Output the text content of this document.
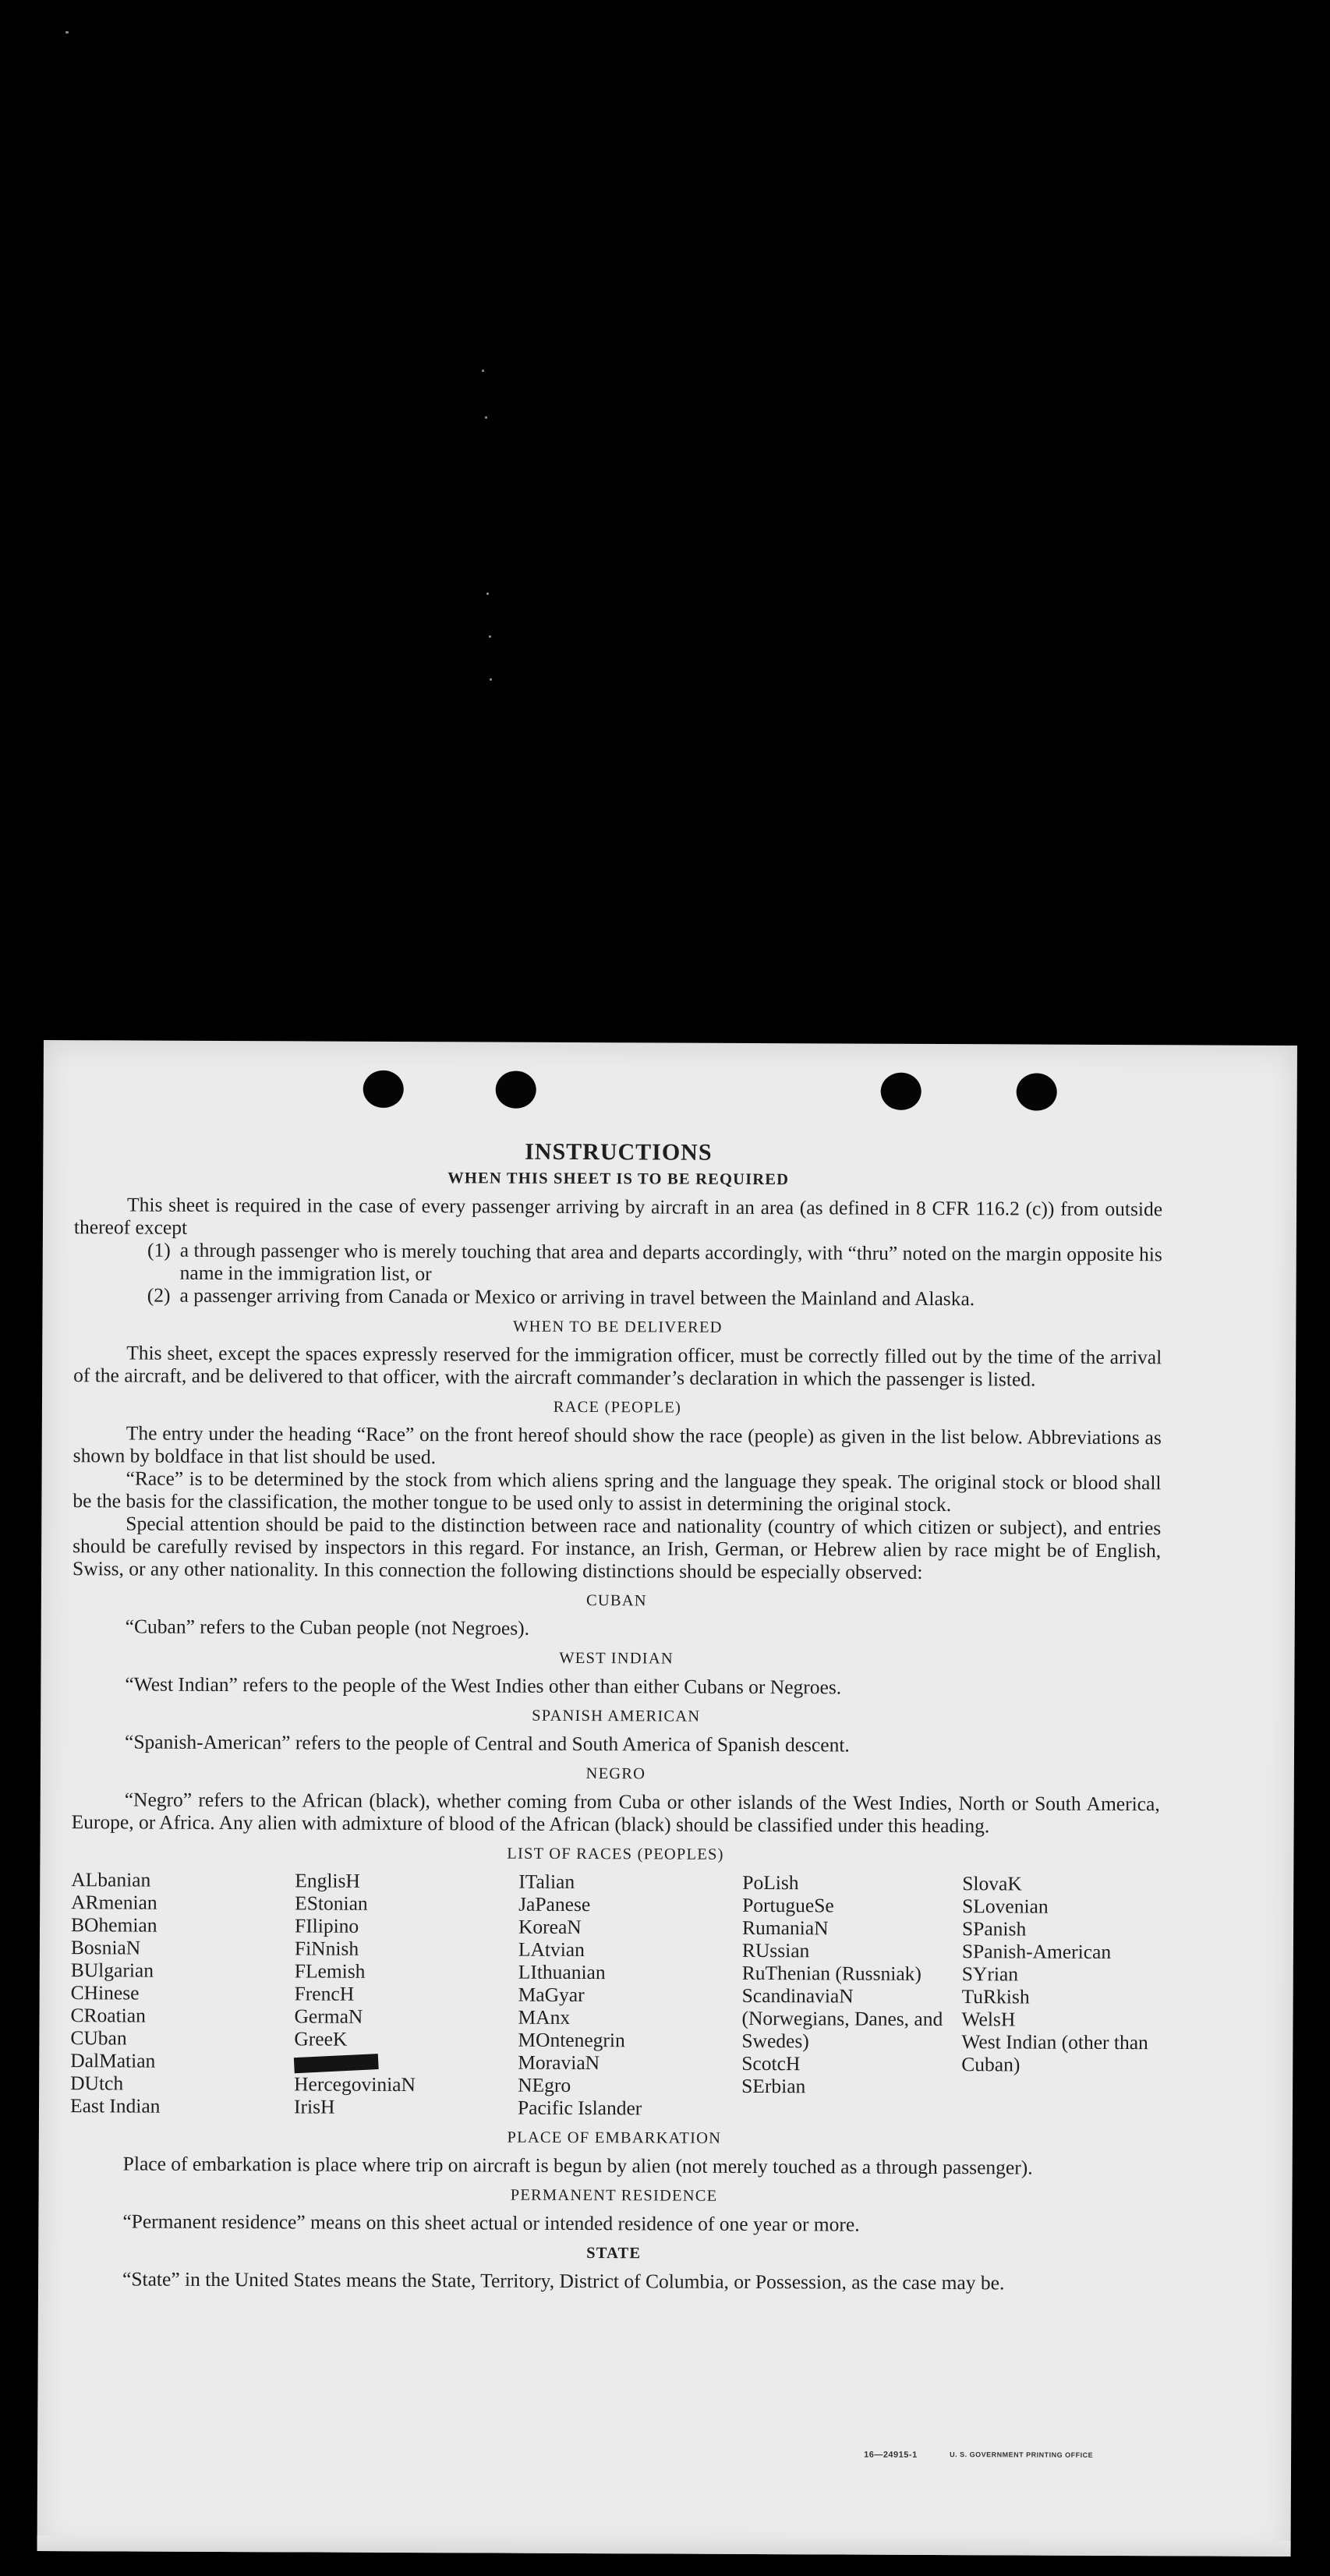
INSTRUCTIONS
WHEN THIS SHEET IS TO BE REQUIRED

This sheet is required in the case of every passenger arriving by aircraft in an area (as defined in 8 CFR 116.2 (c)) from outside thereof except

(1) a through passenger who is merely touching that area and departs accordingly, with “thru” noted on the margin opposite his name in the immigration list, or
(2) a passenger arriving from Canada or Mexico or arriving in travel between the Mainland and Alaska.
WHEN TO BE DELIVERED

This sheet, except the spaces expressly reserved for the immigration officer, must be correctly filled out by the time of the arrival of the aircraft, and be delivered to that officer, with the aircraft commander’s declaration in which the passenger is listed.

RACE (PEOPLE)

The entry under the heading “Race” on the front hereof should show the race (people) as given in the list below. Abbreviations as shown by boldface in that list should be used.

“Race” is to be determined by the stock from which aliens spring and the language they speak. The original stock or blood shall be the basis for the classification, the mother tongue to be used only to assist in determining the original stock.

Special attention should be paid to the distinction between race and nationality (country of which citizen or subject), and entries should be carefully revised by inspectors in this regard. For instance, an Irish, German, or Hebrew alien by race might be of English, Swiss, or any other nationality. In this connection the following distinctions should be especially observed:

CUBAN

“Cuban” refers to the Cuban people (not Negroes).

WEST INDIAN

“West Indian” refers to the people of the West Indies other than either Cubans or Negroes.

SPANISH AMERICAN

“Spanish-American” refers to the people of Central and South America of Spanish descent.

NEGRO

“Negro” refers to the African (black), whether coming from Cuba or other islands of the West Indies, North or South America, Europe, or Africa. Any alien with admixture of blood of the African (black) should be classified under this heading.

LIST OF RACES (PEOPLES)
ALbanian
ARmenian
BOhemian
BosniaN
BUlgarian
CHinese
CRoatian
CUban
DalMatian
DUtch
East Indian
EnglisH
EStonian
FIlipino
FiNnish
FLemish
FrencH
GermaN
GreeK
HercegoviniaN
IrisH
ITalian
JaPanese
KoreaN
LAtvian
LIthuanian
MaGyar
MAnx
MOntenegrin
MoraviaN
NEgro
Pacific Islander
PoLish
PortugueSe
RumaniaN
RUssian
RuThenian (Russniak)
ScandinaviaN (Norwegians, Danes, and Swedes)
ScotcH
SErbian
SlovaK
SLovenian
SPanish
SPanish-American
SYrian
TuRkish
WelsH
West Indian (other than Cuban)
PLACE OF EMBARKATION

Place of embarkation is place where trip on aircraft is begun by alien (not merely touched as a through passenger).

PERMANENT RESIDENCE

“Permanent residence” means on this sheet actual or intended residence of one year or more.

STATE

“State” in the United States means the State, Territory, District of Columbia, or Possession, as the case may be.

16—24915-1	U. S. GOVERNMENT PRINTING OFFICE
